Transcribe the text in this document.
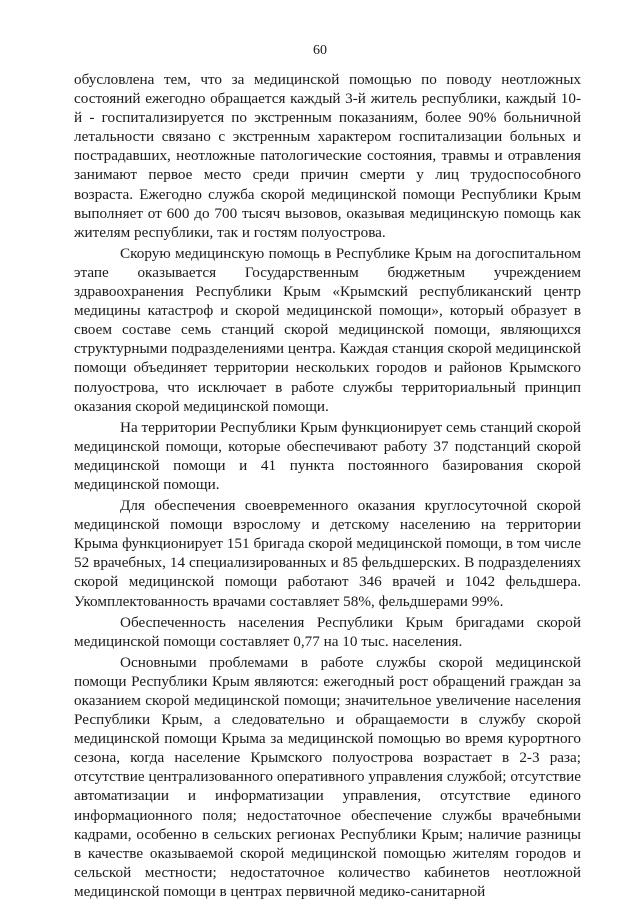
60

обусловлена тем, что за медицинской помощью по поводу неотложных состояний ежегодно обращается каждый 3-й житель республики, каждый 10-й - госпитализируется по экстренным показаниям, более 90% больничной летальности связано с экстренным характером госпитализации больных и пострадавших, неотложные патологические состояния, травмы и отравления занимают первое место среди причин смерти у лиц трудоспособного возраста. Ежегодно служба скорой медицинской помощи Республики Крым выполняет от 600 до 700 тысяч вызовов, оказывая медицинскую помощь как жителям республики, так и гостям полуострова.

Скорую медицинскую помощь в Республике Крым на догоспитальном этапе оказывается Государственным бюджетным учреждением здравоохранения Республики Крым «Крымский республиканский центр медицины катастроф и скорой медицинской помощи», который образует в своем составе семь станций скорой медицинской помощи, являющихся структурными подразделениями центра. Каждая станция скорой медицинской помощи объединяет территории нескольких городов и районов Крымского полуострова, что исключает в работе службы территориальный принцип оказания скорой медицинской помощи.

На территории Республики Крым функционирует семь станций скорой медицинской помощи, которые обеспечивают работу 37 подстанций скорой медицинской помощи и 41 пункта постоянного базирования скорой медицинской помощи.

Для обеспечения своевременного оказания круглосуточной скорой медицинской помощи взрослому и детскому населению на территории Крыма функционирует 151 бригада скорой медицинской помощи, в том числе 52 врачебных, 14 специализированных и 85 фельдшерских. В подразделениях скорой медицинской помощи работают 346 врачей и 1042 фельдшера. Укомплектованность врачами составляет 58%, фельдшерами 99%.

Обеспеченность населения Республики Крым бригадами скорой медицинской помощи составляет 0,77 на 10 тыс. населения.

Основными проблемами в работе службы скорой медицинской помощи Республики Крым являются: ежегодный рост обращений граждан за оказанием скорой медицинской помощи; значительное увеличение населения Республики Крым, а следовательно и обращаемости в службу скорой медицинской помощи Крыма за медицинской помощью во время курортного сезона, когда население Крымского полуострова возрастает в 2-3 раза; отсутствие централизованного оперативного управления службой; отсутствие автоматизации и информатизации управления, отсутствие единого информационного поля; недостаточное обеспечение службы врачебными кадрами, особенно в сельских регионах Республики Крым; наличие разницы в качестве оказываемой скорой медицинской помощью жителям городов и сельской местности; недостаточное количество кабинетов неотложной медицинской помощи в центрах первичной медико-санитарной
